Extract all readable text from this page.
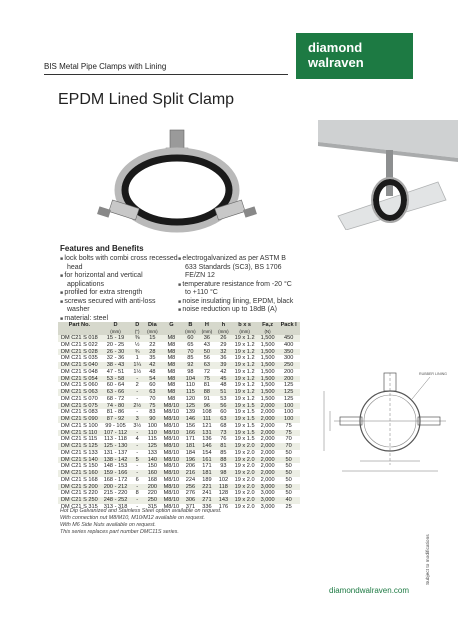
diamond
walraven
BIS Metal Pipe Clamps with Lining
EPDM Lined Split Clamp
Features and Benefits
■ lock bolts with combi cross recessed head
■ for horizontal and vertical applications
■ profiled for extra strength
■ screws secured with anti-loss washer
■ material: steel
■ electrogalvanized as per ASTM B 633 Standards (SC3), BS 1706 FE/ZN 12
■ temperature resistance from -20 °C to +110 °C
■ noise insulating lining, EPDM, black
■ noise reduction up to 18dB (A)
Part No.	D	D	Dia	G	B	H	h	b x s	Fa,z	Pack I
	(mm)	(")	(mm)		(mm)	(mm)	(mm)	(mm)	(N)	
DM C21 S 018	15 - 19	⅜	15	M8	60	36	26	19 x 1.2	1,500	450
DM C21 S 022	20 - 25	½	22	M8	65	43	29	19 x 1.2	1,500	400
DM C21 S 028	26 - 30	¾	28	M8	70	50	32	19 x 1.2	1,500	350
DM C21 S 035	32 - 36	1	35	M8	85	56	36	19 x 1.2	1,500	300
DM C21 S 040	38 - 43	1¼	42	M8	92	63	39	19 x 1.2	1,500	250
DM C21 S 048	47 - 51	1½	48	M8	98	72	42	19 x 1.2	1,500	200
DM C21 S 054	53 - 58	-	54	M8	104	75	45	19 x 1.2	1,500	200
DM C21 S 060	60 - 64	2	60	M8	110	81	48	19 x 1.2	1,500	125
DM C21 S 063	63 - 66	-	63	M8	115	88	51	19 x 1.2	1,500	125
DM C21 S 070	68 - 72	-	70	M8	120	91	53	19 x 1.2	1,500	125
DM C21 S 075	74 - 80	2½	75	M8/10	125	96	56	19 x 1.5	2,000	100
DM C21 S 083	81 - 86	-	83	M8/10	139	108	60	19 x 1.5	2,000	100
DM C21 S 090	87 - 92	3	90	M8/10	146	111	63	19 x 1.5	2,000	100
DM C21 S 100	99 - 105	3½	100	M8/10	156	121	68	19 x 1.5	2,000	75
DM C21 S 110	107 - 112	-	110	M8/10	166	131	73	19 x 1.5	2,000	75
DM C21 S 115	113 - 118	4	115	M8/10	171	136	76	19 x 1.5	2,000	70
DM C21 S 125	125 - 130	-	125	M8/10	181	146	81	19 x 2.0	2,000	70
DM C21 S 133	131 - 137	-	133	M8/10	184	154	85	19 x 2.0	2,000	50
DM C21 S 140	138 - 142	5	140	M8/10	196	161	88	19 x 2.0	2,000	50
DM C21 S 150	148 - 153	-	150	M8/10	206	171	93	19 x 2.0	2,000	50
DM C21 S 160	159 - 166	-	160	M8/10	216	181	98	19 x 2.0	2,000	50
DM C21 S 168	168 - 172	6	168	M8/10	224	189	102	19 x 2.0	2,000	50
DM C21 S 200	200 - 212	-	200	M8/10	256	221	118	19 x 2.0	3,000	50
DM C21 S 220	215 - 220	8	220	M8/10	276	241	128	19 x 2.0	3,000	50
DM C21 S 250	248 - 252	-	250	M8/10	306	271	143	19 x 2.0	3,000	40
DM C21 S 315	313 - 318	-	315	M8/10	371	336	176	19 x 2.0	3,000	25
Hot Dip Galvanized and Stainless Steel option available on request.
With connection nut M8/M10, M10/M12 available on request.
With M6 Side Nuts available on request.
This series replaces part number DMC11S series.
RUBBER LINING
Subject to modifications
diamondwalraven.com
